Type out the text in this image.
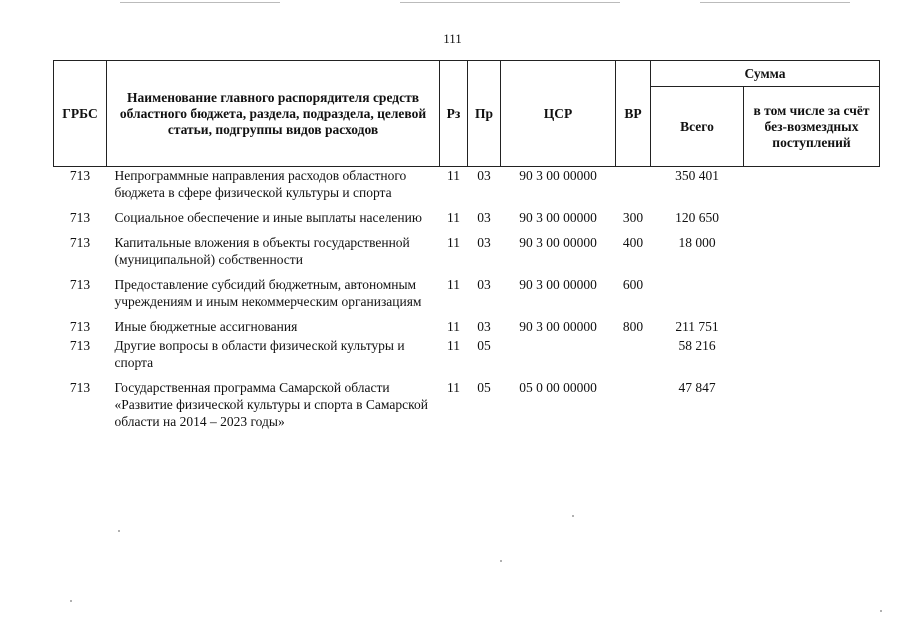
111
ГРБС	Наименование главного распорядителя средств областного бюджета, раздела, подраздела, целевой статьи, подгруппы видов расходов	Рз	Пр	ЦСР	ВР	Сумма	
						Всего	в том числе за счёт без-возмездных поступлений
713	Непрограммные направления расходов областного бюджета в сфере физической культуры и спорта	11	03	90 3 00 00000		350 401	
713	Социальное обеспечение и иные выплаты населению	11	03	90 3 00 00000	300	120 650	
713	Капитальные вложения в объекты государственной (муниципальной) собственности	11	03	90 3 00 00000	400	18 000	
713	Предоставление субсидий бюджетным, автономным учреждениям и иным некоммерческим организациям	11	03	90 3 00 00000	600		
713	Иные бюджетные ассигнования	11	03	90 3 00 00000	800	211 751	
713	Другие вопросы в области физической культуры и спорта	11	05			58 216	
713	Государственная программа Самарской области «Развитие физической культуры и спорта в Самарской области на 2014 – 2023 годы»	11	05	05 0 00 00000		47 847	
